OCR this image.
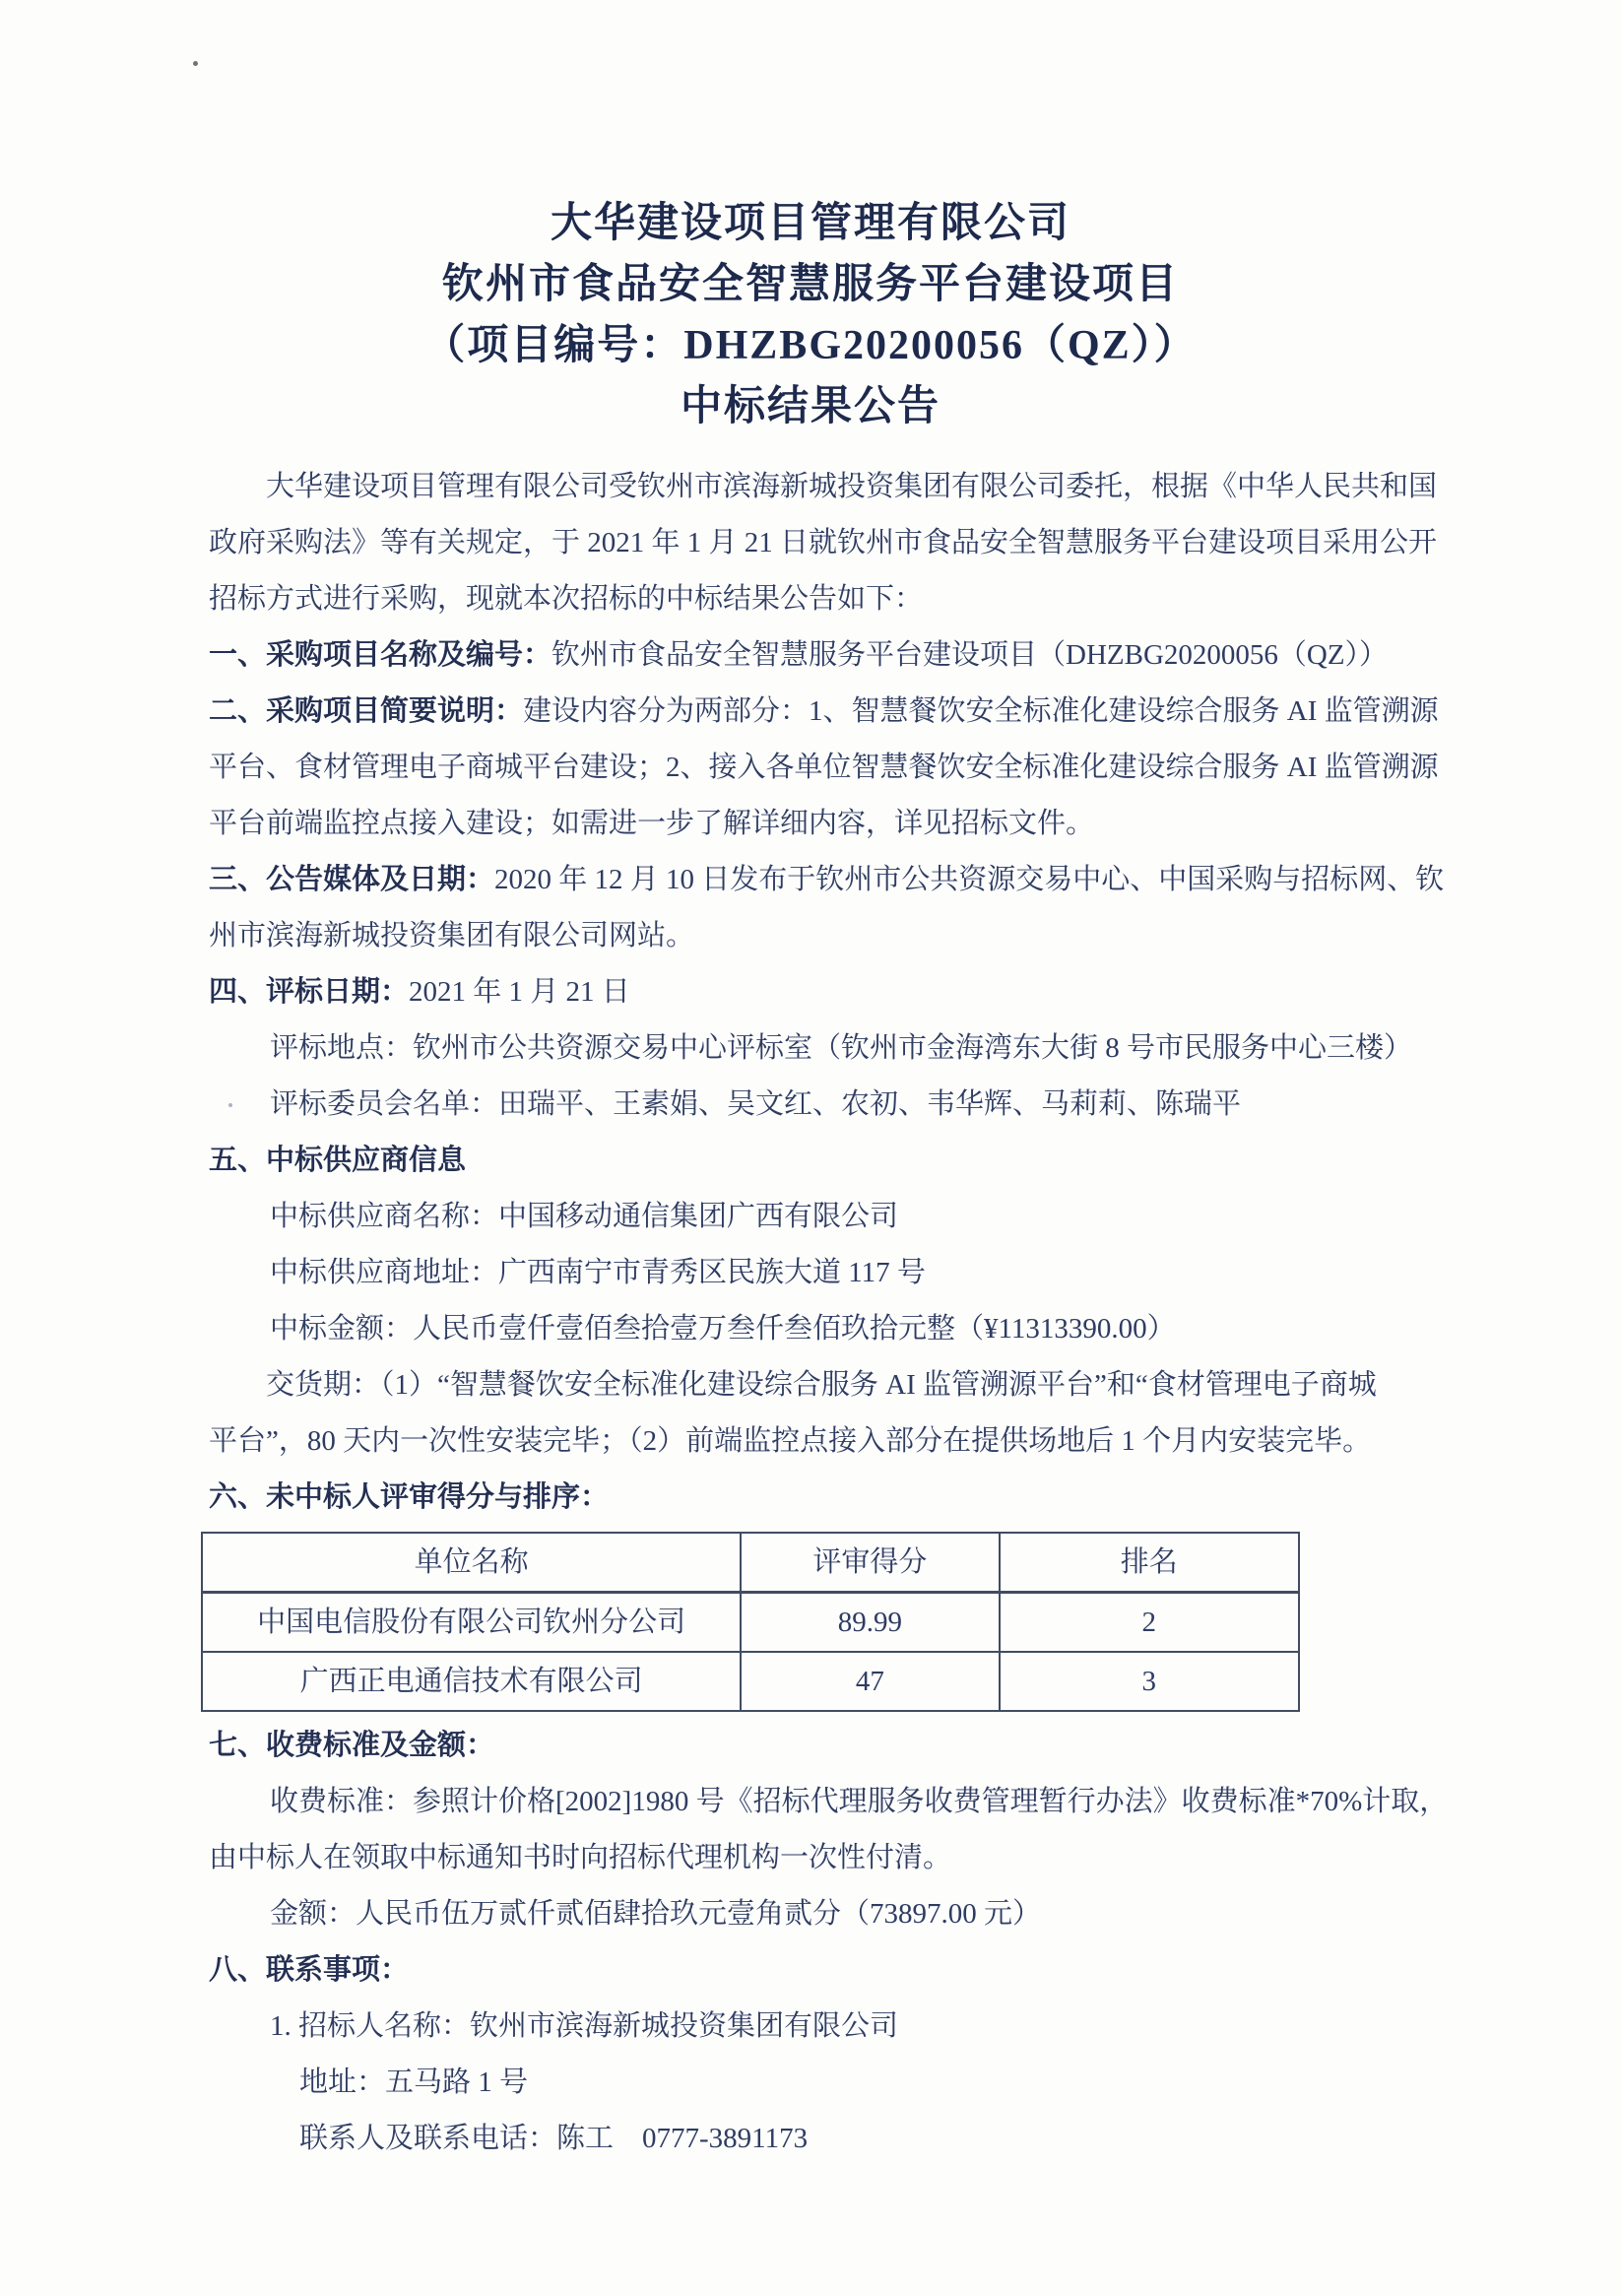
大华建设项目管理有限公司
钦州市食品安全智慧服务平台建设项目
（项目编号：DHZBG20200056（QZ））
中标结果公告
大华建设项目管理有限公司受钦州市滨海新城投资集团有限公司委托，根据《中华人民共和国
政府采购法》等有关规定，于 2021 年 1 月 21 日就钦州市食品安全智慧服务平台建设项目采用公开
招标方式进行采购，现就本次招标的中标结果公告如下：
一、采购项目名称及编号：钦州市食品安全智慧服务平台建设项目（DHZBG20200056（QZ））
二、采购项目简要说明：建设内容分为两部分：1、智慧餐饮安全标准化建设综合服务 AI 监管溯源
平台、食材管理电子商城平台建设；2、接入各单位智慧餐饮安全标准化建设综合服务 AI 监管溯源
平台前端监控点接入建设；如需进一步了解详细内容，详见招标文件。
三、公告媒体及日期：2020 年 12 月 10 日发布于钦州市公共资源交易中心、中国采购与招标网、钦
州市滨海新城投资集团有限公司网站。
四、评标日期：2021 年 1 月 21 日
评标地点：钦州市公共资源交易中心评标室（钦州市金海湾东大街 8 号市民服务中心三楼）
评标委员会名单：田瑞平、王素娟、吴文红、农初、韦华辉、马莉莉、陈瑞平
五、中标供应商信息
中标供应商名称：中国移动通信集团广西有限公司
中标供应商地址：广西南宁市青秀区民族大道 117 号
中标金额：人民币壹仟壹佰叁拾壹万叁仟叁佰玖拾元整（¥11313390.00）
交货期：（1）“智慧餐饮安全标准化建设综合服务 AI 监管溯源平台”和“食材管理电子商城
平台”，80 天内一次性安装完毕；（2）前端监控点接入部分在提供场地后 1 个月内安装完毕。
六、未中标人评审得分与排序：
单位名称	评审得分	排名
中国电信股份有限公司钦州分公司	89.99	2
广西正电通信技术有限公司	47	3
七、收费标准及金额：
收费标准：参照计价格[2002]1980 号《招标代理服务收费管理暂行办法》收费标准*70%计取，
由中标人在领取中标通知书时向招标代理机构一次性付清。
金额：人民币伍万贰仟贰佰肆拾玖元壹角贰分（73897.00 元）
八、联系事项：
1. 招标人名称：钦州市滨海新城投资集团有限公司
地址：五马路 1 号
联系人及联系电话：陈工　0777-3891173
